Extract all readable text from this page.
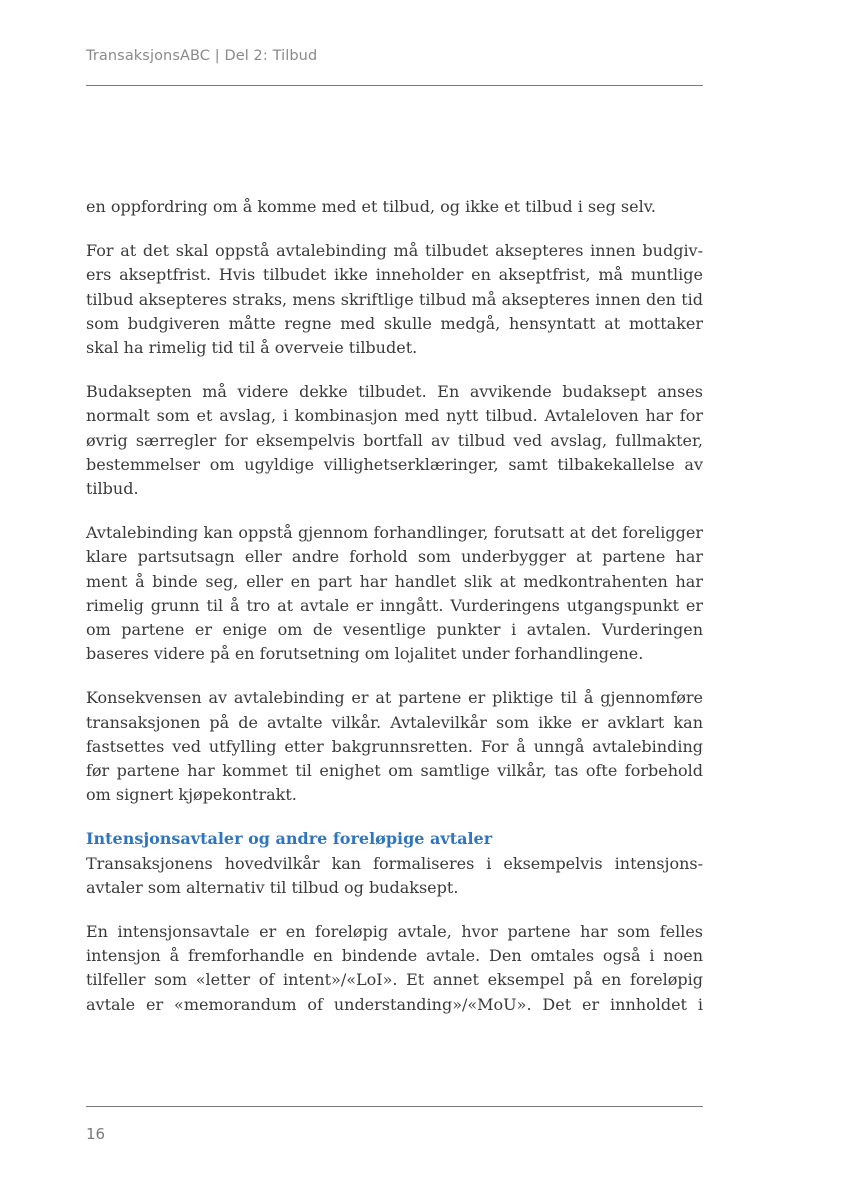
TransaksjonsABC | Del 2: Tilbud

en oppfordring om å komme med et tilbud, og ikke et tilbud i seg selv.

For at det skal oppstå avtalebinding må tilbudet aksepteres innen budgivers akseptfrist. Hvis tilbudet ikke inneholder en akseptfrist, må muntlige tilbud aksepteres straks, mens skriftlige tilbud må aksepteres innen den tid som budgiveren måtte regne med skulle medgå, hensyntatt at mottaker skal ha rimelig tid til å overveie tilbudet.

Budaksepten må videre dekke tilbudet. En avvikende budaksept anses normalt som et avslag, i kombinasjon med nytt tilbud. Avtaleloven har for øvrig særregler for eksempelvis bortfall av tilbud ved avslag, fullmakter, bestemmelser om ugyldige villighetserklæringer, samt tilbakekallelse av tilbud.

Avtalebinding kan oppstå gjennom forhandlinger, forutsatt at det foreligger klare partsutsagn eller andre forhold som underbygger at partene har ment å binde seg, eller en part har handlet slik at medkontrahenten har rimelig grunn til å tro at avtale er inngått. Vurderingens utgangspunkt er om partene er enige om de vesentlige punkter i avtalen. Vurderingen baseres videre på en forutsetning om lojalitet under forhandlingene.

Konsekvensen av avtalebinding er at partene er pliktige til å gjennomføre transaksjonen på de avtalte vilkår. Avtalevilkår som ikke er avklart kan fastsettes ved utfylling etter bakgrunnsretten. For å unngå avtalebinding før partene har kommet til enighet om samtlige vilkår, tas ofte forbehold om signert kjøpekontrakt.

Intensjonsavtaler og andre foreløpige avtaler

Transaksjonens hovedvilkår kan formaliseres i eksempelvis intensjonsavtaler som alternativ til tilbud og budaksept.

En intensjonsavtale er en foreløpig avtale, hvor partene har som felles intensjon å fremforhandle en bindende avtale. Den omtales også i noen tilfeller som «letter of intent»/«LoI». Et annet eksempel på en foreløpig avtale er «memorandum of understanding»/«MoU». Det er innholdet i

16
